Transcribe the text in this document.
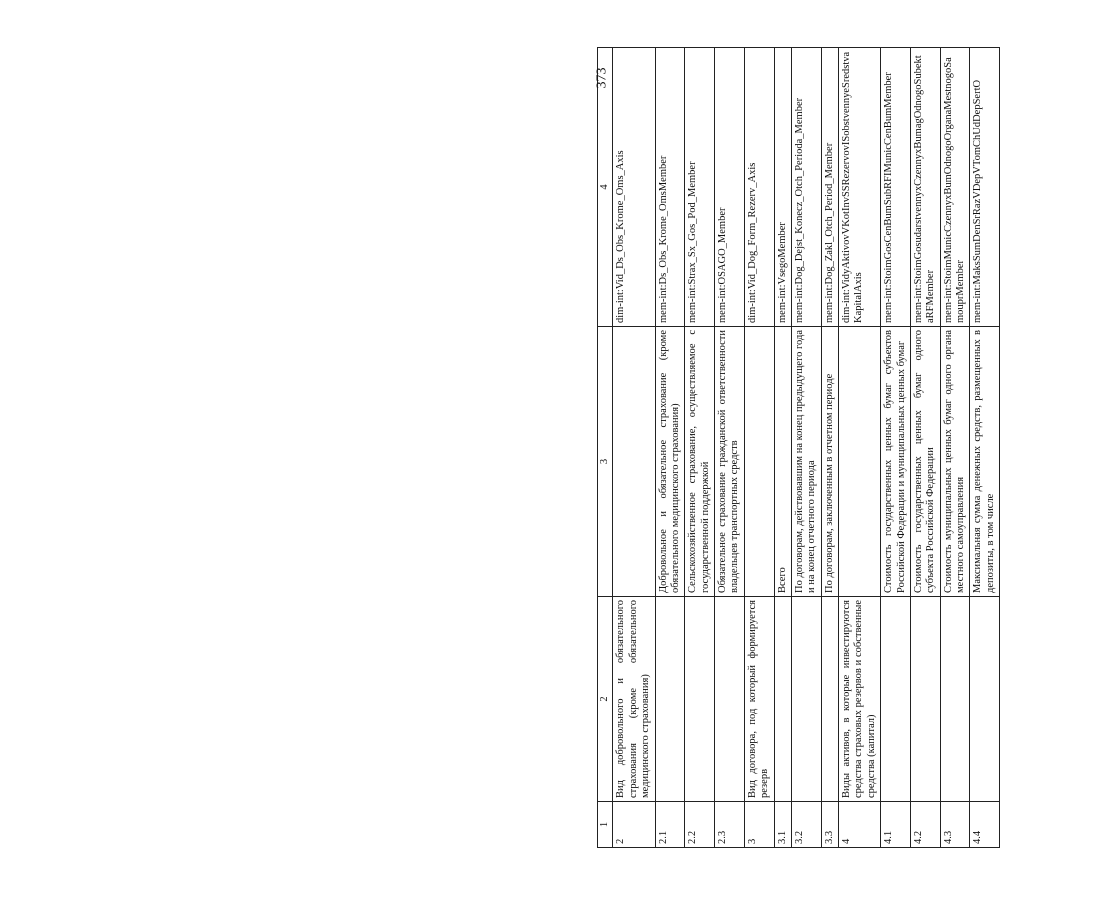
1	2	3	4
2	Вид добровольного и обязательного страхования (кроме обязательного медицинского страхования)		dim-int:Vid_Ds_Obs_Krome_Oms_Axis
2.1		Добровольное и обязательное страхование (кроме обязательного медицинского страхования)	mem-int:Ds_Obs_Krome_OmsMember
2.2		Сельскохозяйственное страхование, осуществляемое с государственной поддержкой	mem-int:Strax_Sx_Gos_Pod_Member
2.3		Обязательное страхование гражданской ответственности владельцев транспортных средств	mem-int:OSAGO_Member
3	Вид договора, под который формируется резерв		dim-int:Vid_Dog_Form_Rezerv_Axis
3.1		Всего	mem-int:VsegoMember
3.2		По договорам, действовавшим на конец предыдущего года и на конец отчетного периода	mem-int:Dog_Dejst_Konecz_Otch_Perioda_Member
3.3		По договорам, заключенным в отчетном периоде	mem-int:Dog_Zakl_Otch_Period_Member
4	Виды активов, в которые инвестируются средства страховых резервов и собственные средства (капитал)		dim-int:VidyAktivovVKotInvSSRezervovISobstvennyeSredstvaKapitalAxis
4.1		Стоимость государственных ценных бумаг субъектов Российской Федерации и муниципальных ценных бумаг	mem-int:StoimGosCenBumSubRFIMunicCenBumMember
4.2		Стоимость государственных ценных бумаг одного субъекта Российской Федерации	mem-int:StoimGosudarstvennyxCzennyxBumagOdnogoSubektaRFMember
4.3		Стоимость муниципальных ценных бумаг одного органа местного самоуправления	mem-int:StoimMunicCzennyxBumOdnogoOrganaMestnogoSamouprMember
4.4		Максимальная сумма денежных средств, размещенных в депозиты, в том числе	mem-int:MaksSumDenSrRazVDepVTomChUdDepSertO
373
